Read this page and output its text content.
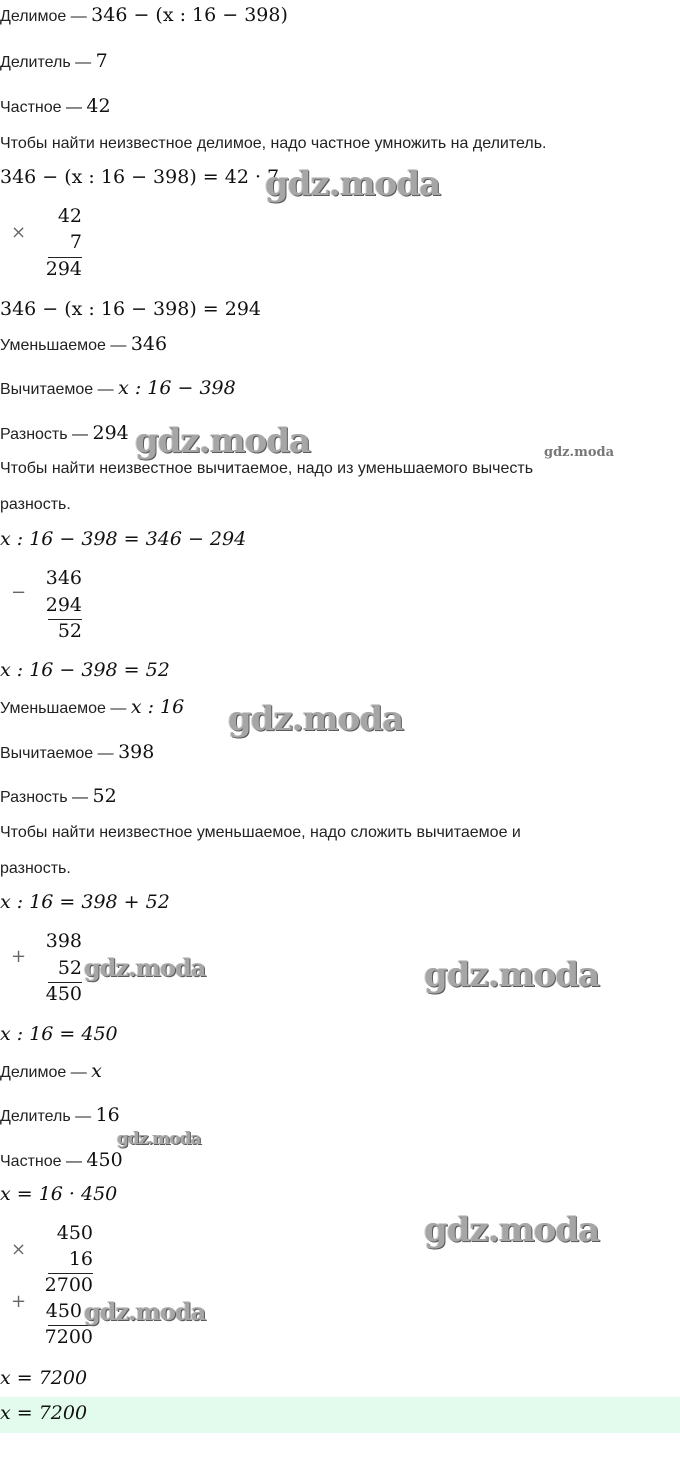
Делимое — 346 − (x : 16 − 398)
Делитель — 7
Частное — 42
Чтобы найти неизвестное делимое, надо частное умножить на делитель.
346 − (x : 16 − 398) = 42 · 7
gdz.moda
×
42
7
294
346 − (x : 16 − 398) = 294
Уменьшаемое — 346
Вычитаемое — x : 16 − 398
Разность — 294 gdz.moda	gdz.moda
Чтобы найти неизвестное вычитаемое, надо из уменьшаемого вычесть
разность.
x : 16 − 398 = 346 − 294
−
346
294
52
x : 16 − 398 = 52
Уменьшаемое — x : 16 gdz.moda
Вычитаемое — 398
Разность — 52
Чтобы найти неизвестное уменьшаемое, надо сложить вычитаемое и
разность.
x : 16 = 398 + 52
+
398
52
450
gdz.moda	gdz.moda
x : 16 = 450
Делимое — x
Делитель — 16
gdz.moda
Частное — 450
x = 16 · 450
×
450
16
2700
+	450
7200
gdz.moda
gdz.moda
x = 7200
x = 7200
